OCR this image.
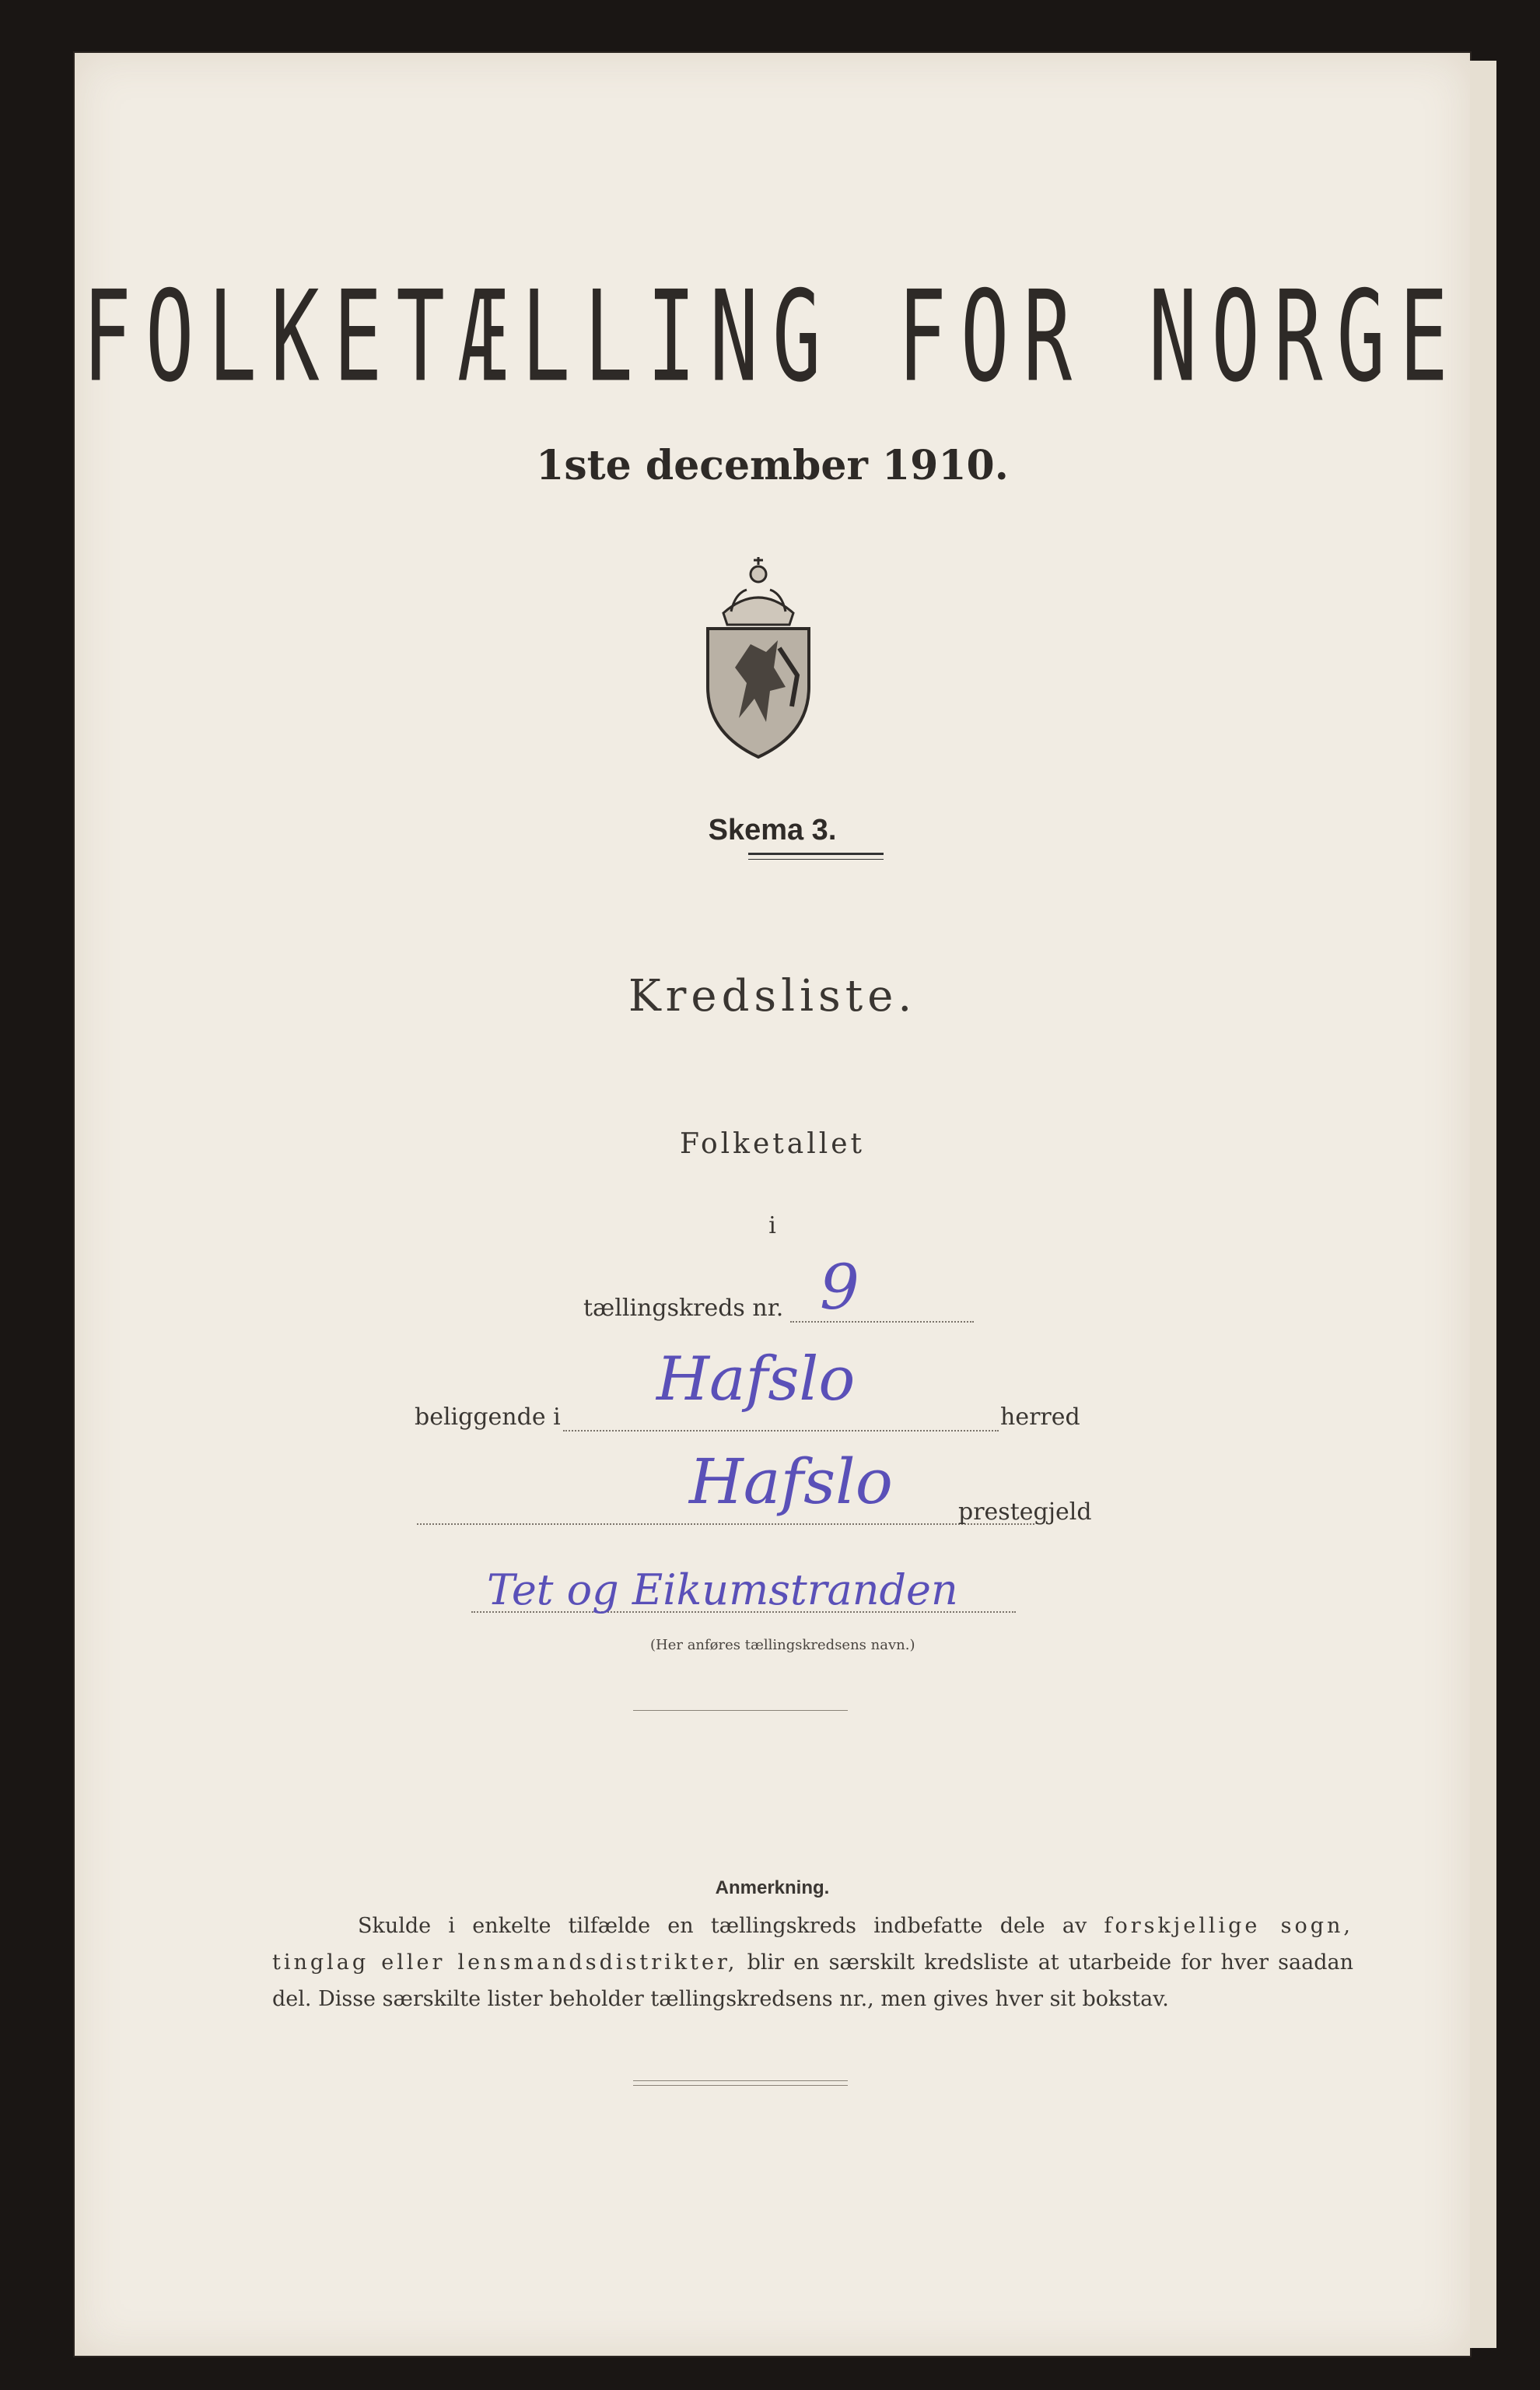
FOLKETÆLLING FOR NORGE
1ste december 1910.
Skema 3.
Kredsliste.
Folketallet
i
tællingskreds nr. 9
beliggende i
Hafslo
herred
Hafslo	prestegjeld
Tet og Eikumstranden
(Her anføres tællingskredsens navn.)
Anmerkning.
Skulde i enkelte tilfælde en tællingskreds indbefatte dele av forskjellige sogn, tinglag eller lensmandsdistrikter, blir en særskilt kredsliste at utarbeide for hver saadan del. Disse særskilte lister beholder tællingskredsens nr., men gives hver sit bokstav.
